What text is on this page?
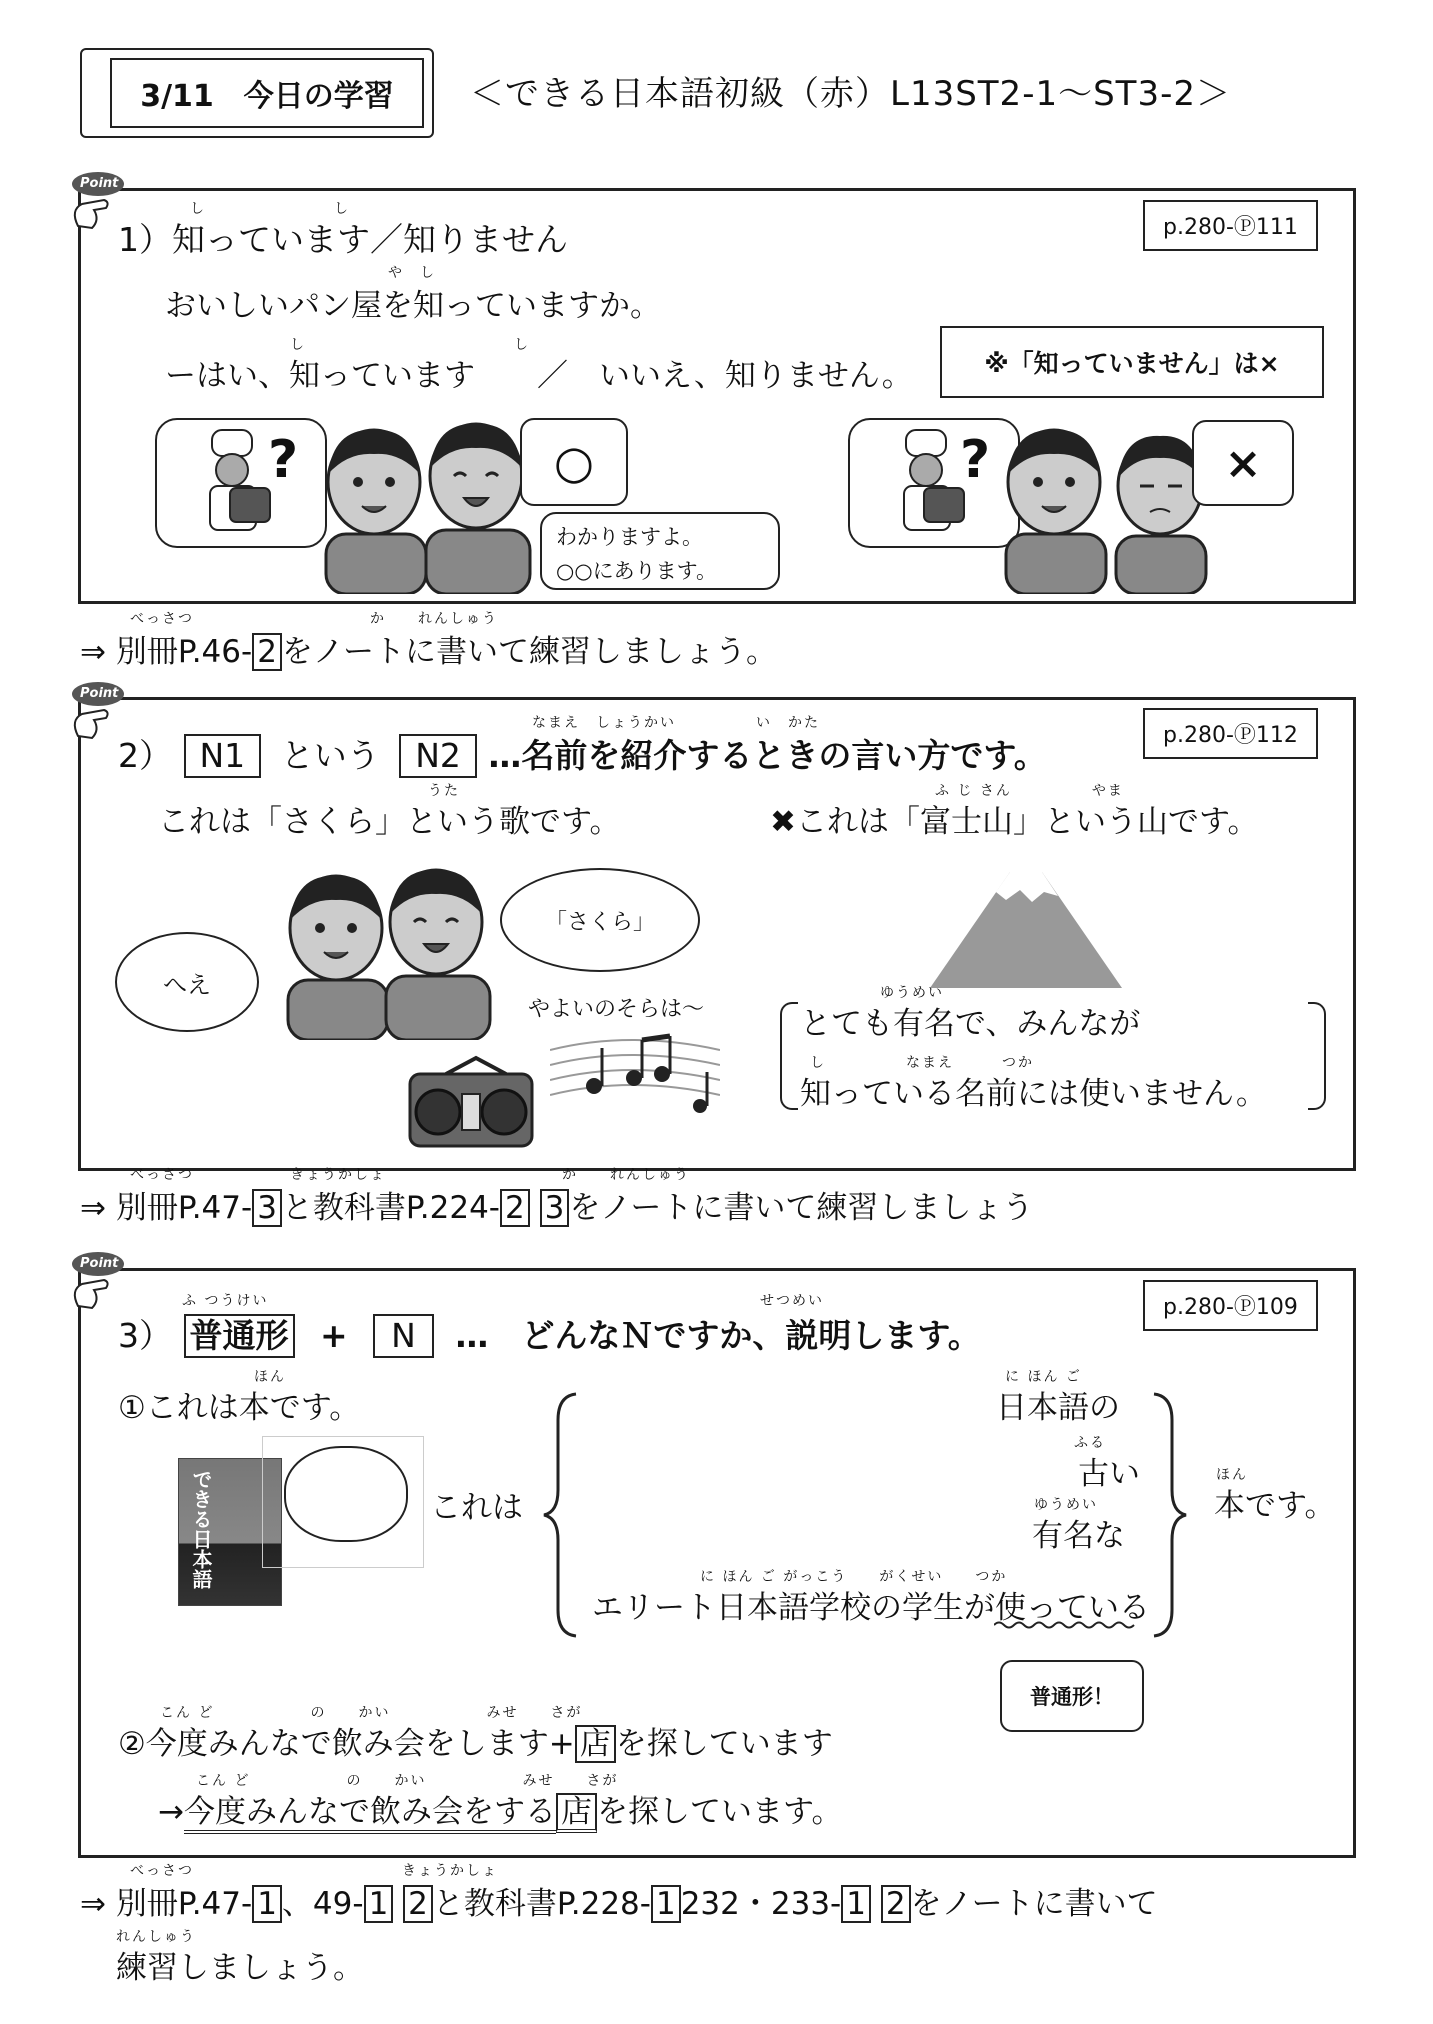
3/11　今日の学習	＜できる日本語初級（赤）L13ST2-1〜ST3-2＞
Point
し　　　　　　　　し
1）知っています／知りません	p.280-Ⓟ111
や　し
おいしいパン屋を知っていますか。
し　　　　　　　　　　　　　し
ーはい、知っています　　／　いいえ、知りません。	※「知っていません」は×
?	○
わかりますよ。
○○にあります。
?	×
べっさつ　　　　　　　　　　　か　　れんしゅう
⇒ 別冊P.46- 2 をノートに書いて練習しましょう。
Point
なまえ　しょうかい　　　　　い　かた
2） N1 という N2 …名前を紹介するときの言い方です。
p.280-Ⓟ112
うた
これは「さくら」という歌です。
ふ じ さん　　　　　やま
✖これは「富士山」という山です。
へえ
「さくら」
やよいのそらは〜
ゆうめい
とても有名で、みんなが
し　　　　　なまえ　　　つか
知っている名前には使いません。
べっさつ　　　　　　きょうかしょ　　　　　　　　　　　か　　れんしゅう
⇒ 別冊P.47- 3 と教科書P.224- 2 3 をノートに書いて練習しましょう
Point
p.280-Ⓟ109
ふ つうけい	せつめい
3） 普通形 + N …　どんなＮですか、説明します。
ほん
①これは本です。
できる日本語	これは
に ほん ご
日本語の
ふる
古い
ゆうめい
有名な
に ほん ご がっこう　　がくせい　　つか
エリート日本語学校の学生が使っている
ほん
本です。
普通形！
こん ど　　　　　　の　　かい　　　　　　みせ　　さが
②今度みんなで飲み会をします+ 店 を探しています
こん ど　　　　　　の　　かい　　　　　　みせ　　さが
→今度みんなで飲み会をする 店 を探しています。
べっさつ　　　　　　　　　　　　　きょうかしょ
⇒ 別冊P.47- 1 、49- 1 2 と教科書P.228- 1 232・233- 1 2 をノートに書いて
れんしゅう
練習しましょう。
